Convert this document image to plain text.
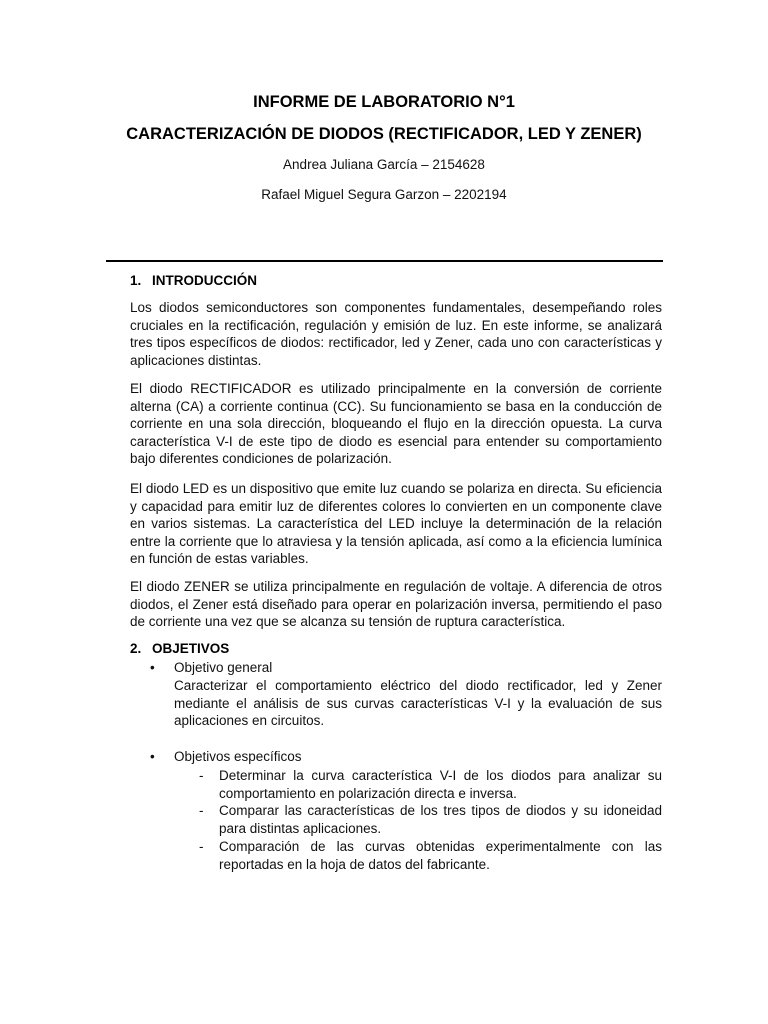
INFORME DE LABORATORIO N°1
CARACTERIZACIÓN DE DIODOS (RECTIFICADOR, LED Y ZENER)
Andrea Juliana García – 2154628
Rafael Miguel Segura Garzon – 2202194
1. INTRODUCCIÓN

Los diodos semiconductores son componentes fundamentales, desempeñando roles cruciales en la rectificación, regulación y emisión de luz. En este informe, se analizará tres tipos específicos de diodos: rectificador, led y Zener, cada uno con características y aplicaciones distintas.

El diodo RECTIFICADOR es utilizado principalmente en la conversión de corriente alterna (CA) a corriente continua (CC). Su funcionamiento se basa en la conducción de corriente en una sola dirección, bloqueando el flujo en la dirección opuesta. La curva característica V-I de este tipo de diodo es esencial para entender su comportamiento bajo diferentes condiciones de polarización.

El diodo LED es un dispositivo que emite luz cuando se polariza en directa. Su eficiencia y capacidad para emitir luz de diferentes colores lo convierten en un componente clave en varios sistemas. La característica del LED incluye la determinación de la relación entre la corriente que lo atraviesa y la tensión aplicada, así como a la eficiencia lumínica en función de estas variables.

El diodo ZENER se utiliza principalmente en regulación de voltaje. A diferencia de otros diodos, el Zener está diseñado para operar en polarización inversa, permitiendo el paso de corriente una vez que se alcanza su tensión de ruptura característica.

2. OBJETIVOS
• Objetivo general

Caracterizar el comportamiento eléctrico del diodo rectificador, led y Zener mediante el análisis de sus curvas características V-I y la evaluación de sus aplicaciones en circuitos.

• Objetivos específicos
- Determinar la curva característica V-I de los diodos para analizar su comportamiento en polarización directa e inversa.

- Comparar las características de los tres tipos de diodos y su idoneidad para distintas aplicaciones.

- Comparación de las curvas obtenidas experimentalmente con las reportadas en la hoja de datos del fabricante.
